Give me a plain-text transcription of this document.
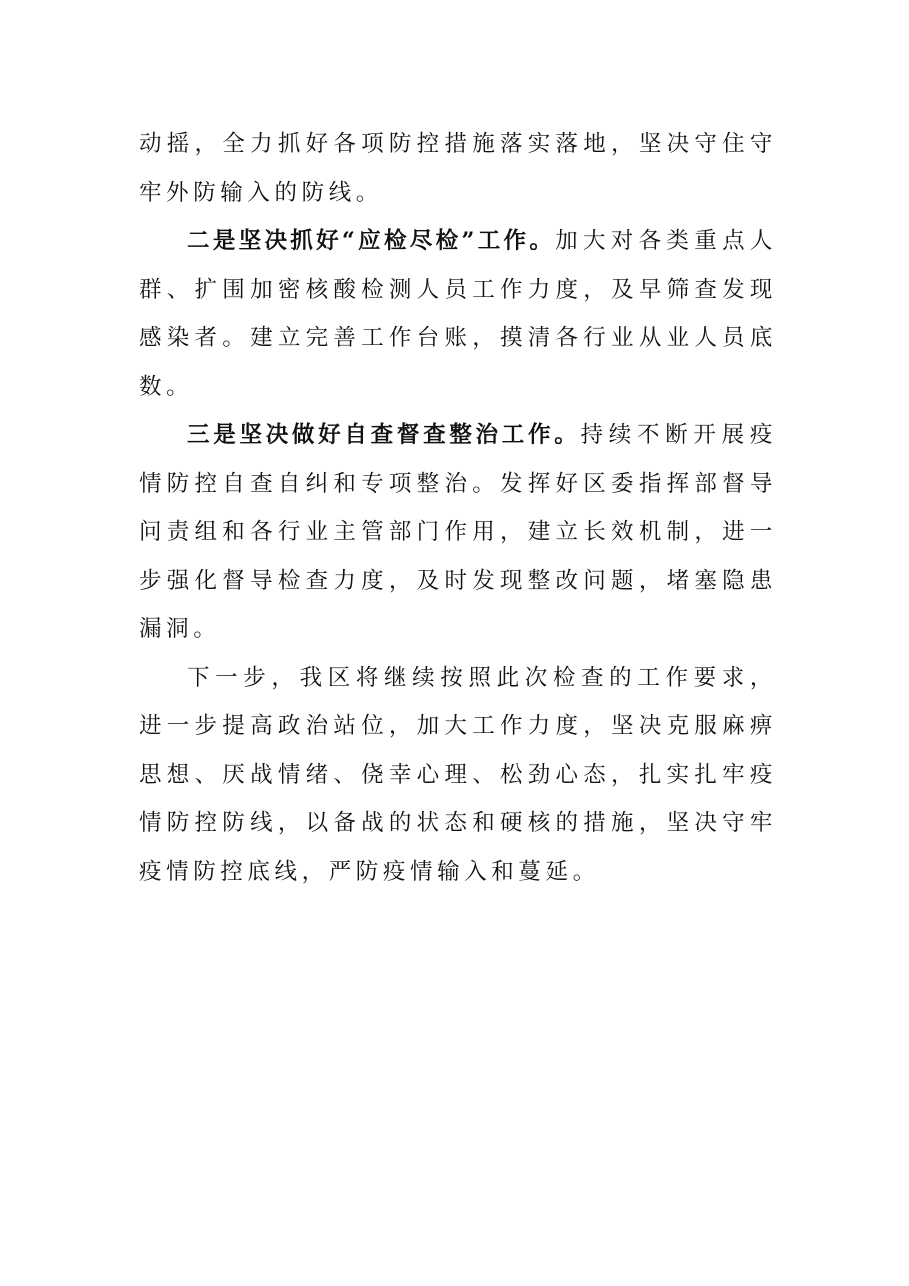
动摇，全力抓好各项防控措施落实落地，坚决守住守牢外防输入的防线。

二是坚决抓好“应检尽检”工作。加大对各类重点人群、扩围加密核酸检测人员工作力度，及早筛查发现感染者。建立完善工作台账，摸清各行业从业人员底数。

三是坚决做好自查督查整治工作。持续不断开展疫情防控自查自纠和专项整治。发挥好区委指挥部督导问责组和各行业主管部门作用，建立长效机制，进一步强化督导检查力度，及时发现整改问题，堵塞隐患漏洞。

下一步，我区将继续按照此次检查的工作要求，进一步提高政治站位，加大工作力度，坚决克服麻痹思想、厌战情绪、侥幸心理、松劲心态，扎实扎牢疫情防控防线，以备战的状态和硬核的措施，坚决守牢疫情防控底线，严防疫情输入和蔓延。
